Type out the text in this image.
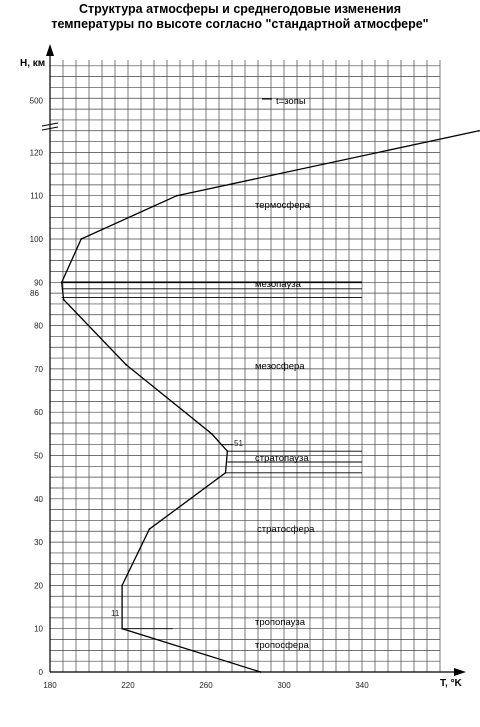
Структура атмосферы и среднегодовые изменения
температуры по высоте согласно "стандартной атмосфере"
0
10
20
30
40
50
60
70
80
90
100
110
120
500
180	220	260	300	340
H, км
T, °K
t=зопы
термосфера
мезопауза
мезосфера
стратопауза
стратосфера
тропопауза
тропосфера
11
51
86
